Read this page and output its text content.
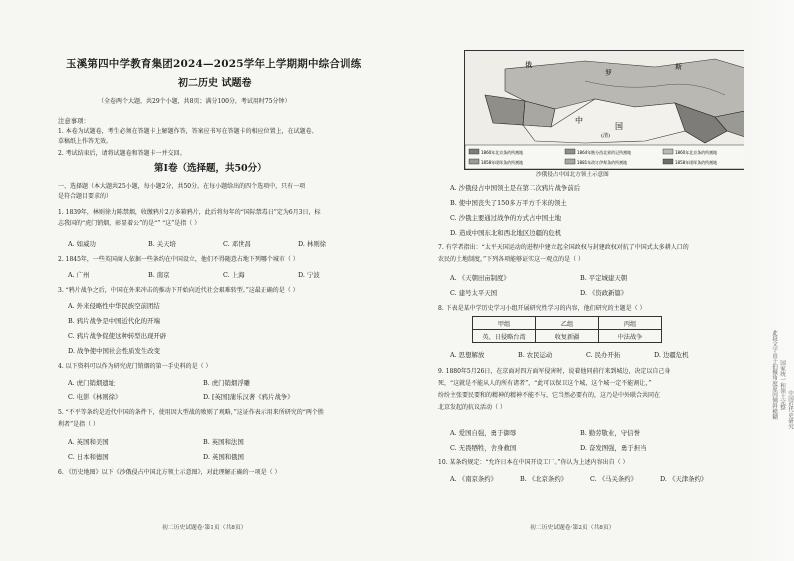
玉溪第四中学教育集团2024—2025学年上学期期中综合训练
初二历史 试题卷
（全卷两个大题，共29个小题，共8页；满分100分，考试用时75分钟）
注意事项：
1. 本卷为试题卷，考生必须在答题卡上解题作答，答案应书写在答题卡的相应位置上，在试题卷、
草稿纸上作答无效。
2. 考试结束后，请将试题卷和答题卡一并交回。
第Ⅰ卷（选择题，共50分）
一、选择题（本大题共25小题，每小题2分，共50分。在每小题给出的四个选项中，只有一项
是符合题目要求的）
1. 1839年，林则徐力陈禁烟，收缴鸦片2万多箱鸦片，此后将每年的“国际禁毒日”定为6月3日，标
志我国的“虎门销烟，彰显着公”的是“” “这”是指（ ）
A. 如威功	B. 关天培	C. 邓世昌	D. 林则徐
2. 1845年，一些英国商人依据一些条约在中国设立，他们不得随意占地下列哪个城市（ ）
A. 广州	B. 南京	C. 上海	D. 宁波
3. “鸦片战争之后，中国在外来冲击的推动下开始向近代社会艰难转型。”这最正确的是（ ）
A. 外来侵略性中华民族空前团结
B. 鸦片战争是中国近代化的开端
C. 鸦片战争促使这种转型出现开辟
D. 战争使中国社会性质发生改变
4. 以下资料可以作为研究虎门销烟的第一手史料的是（ ）
A. 虎门销烟遗址	B. 虎门销烟浮雕
C. 电影《林则徐》	D. [英国]蒲乐汉著《鸦片战争》
5. “不平等条约是近代中国的条件下，使用因大型战的败则了观略，”这证作表示用来所研究的“两个胜
利者”是指（ ）
A. 英国和美国	B. 英国和法国
C. 日本和德国	D. 英国和俄国
6. 《历史地图》以下《沙俄侵占中国北方领土示意图》，对此理解正确的一项是（ ）
初二历史试题卷·第1页（共8页）
俄
罗
斯
中
国
(清)
1860年北京条约所割地
1858年瑷珲条约所割地
1864年勘分西北界约记所割地
1881年改订伊犁条约所割地
1860年北京条约所割地
1858年瑷珲条约所割地
沙俄侵占中国北方领土示意图
A. 沙俄侵占中国领土是在第二次鸦片战争前后
B. 使中国丧失了150多万平方千米的领土
C. 沙俄主要通过战争的方式占中国土地
D. 造成中国东北和西北地区边疆的危机
7. 有学者指出：“太平天国运动的进程中建立起全国政权与封建政权对抗了中国式太多耕人口的
农民的土地制度，”下列各项能够证实这一观点的是（ ）
A. 《天朝田亩制度》	B. 平定城建天朝
C. 建号太平天国	D. 《资政新篇》
8. 下表是某中学历史学习小组开展研究性学习的内容，他们研究的主题是（ ）
甲组	乙组	丙组
英、日侵略台湾	收复新疆	中法战争
A. 思想解放	B. 农民运动	C. 民办开拓	D. 边疆危机
9. 1880年5月26日，在京面对四方面军侵害时，说着他同前行来到城边，决定以自己身
死，“这就是不能从人的所有诸者”，“此可以保卫这个城，这个城一定不能割让，”
纷纷主张要民要和的精神的精神不能不与，它当然必要有的，这乃是中外联合共同在
北京发起的抗议活动（ ）
A. 爱国自强，勇于御辱	B. 勤劳敬业，守信誉
C. 无畏牺牲，舍身救国	D. 奋发图强，勇于担当
10. 某条约规定：“允许日本在中国开设工厂。”你认为上述内容出自（ ）
A. 《南京条约》	B. 《北京条约》	C. 《马关条约》	D. 《天津条约》
初二历史试题卷·第2页（共8页）
此段文字由于拍摄角度原因倾斜模糊 国家统一和领土完整 中国近代史研究
